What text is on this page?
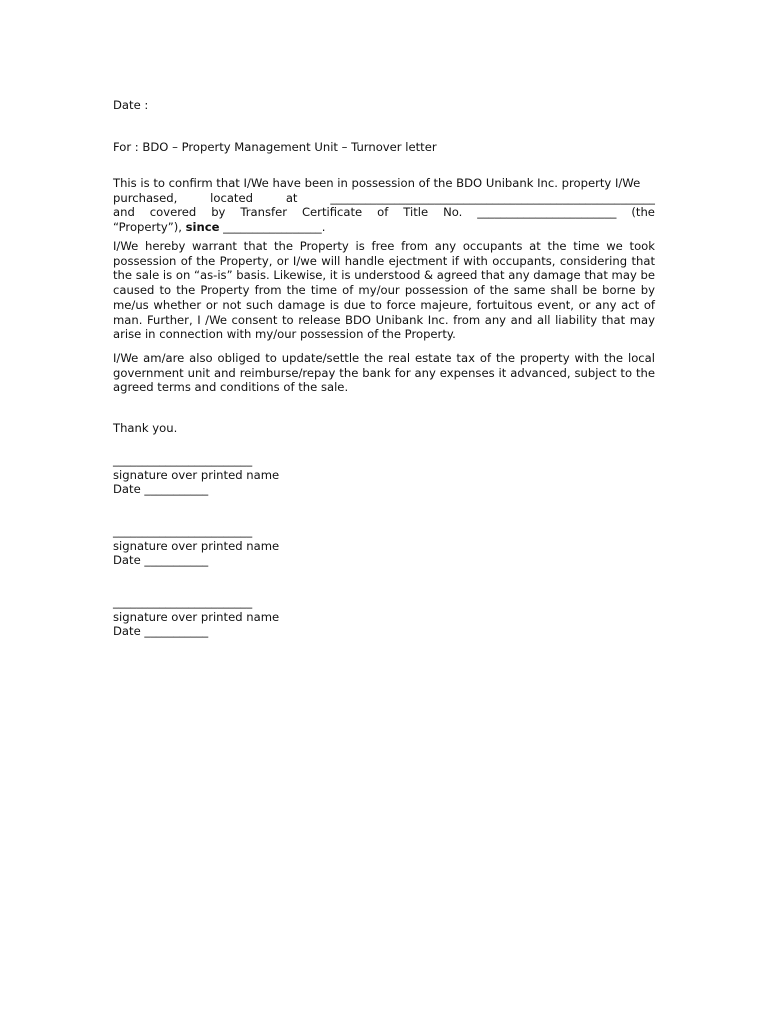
Date :
For : BDO – Property Management Unit – Turnover letter
This is to confirm that I/We have been in possession of the BDO Unibank Inc. property I/We
purchased,	located	at	________________________________________________________
and covered by Transfer Certificate of Title No. ________________________ (the
“Property”), since _________________.
I/We hereby warrant that the Property is free from any occupants at the time we took possession of the Property, or I/we will handle ejectment if with occupants, considering that the sale is on “as-is” basis. Likewise, it is understood & agreed that any damage that may be caused to the Property from the time of my/our possession of the same shall be borne by me/us whether or not such damage is due to force majeure, fortuitous event, or any act of man. Further, I /We consent to release BDO Unibank Inc. from any and all liability that may arise in connection with my/our possession of the Property.
I/We am/are also obliged to update/settle the real estate tax of the property with the local government unit and reimburse/repay the bank for any expenses it advanced, subject to the agreed terms and conditions of the sale.
Thank you.
________________________
signature over printed name
Date ___________
________________________
signature over printed name
Date ___________
________________________
signature over printed name
Date ___________
